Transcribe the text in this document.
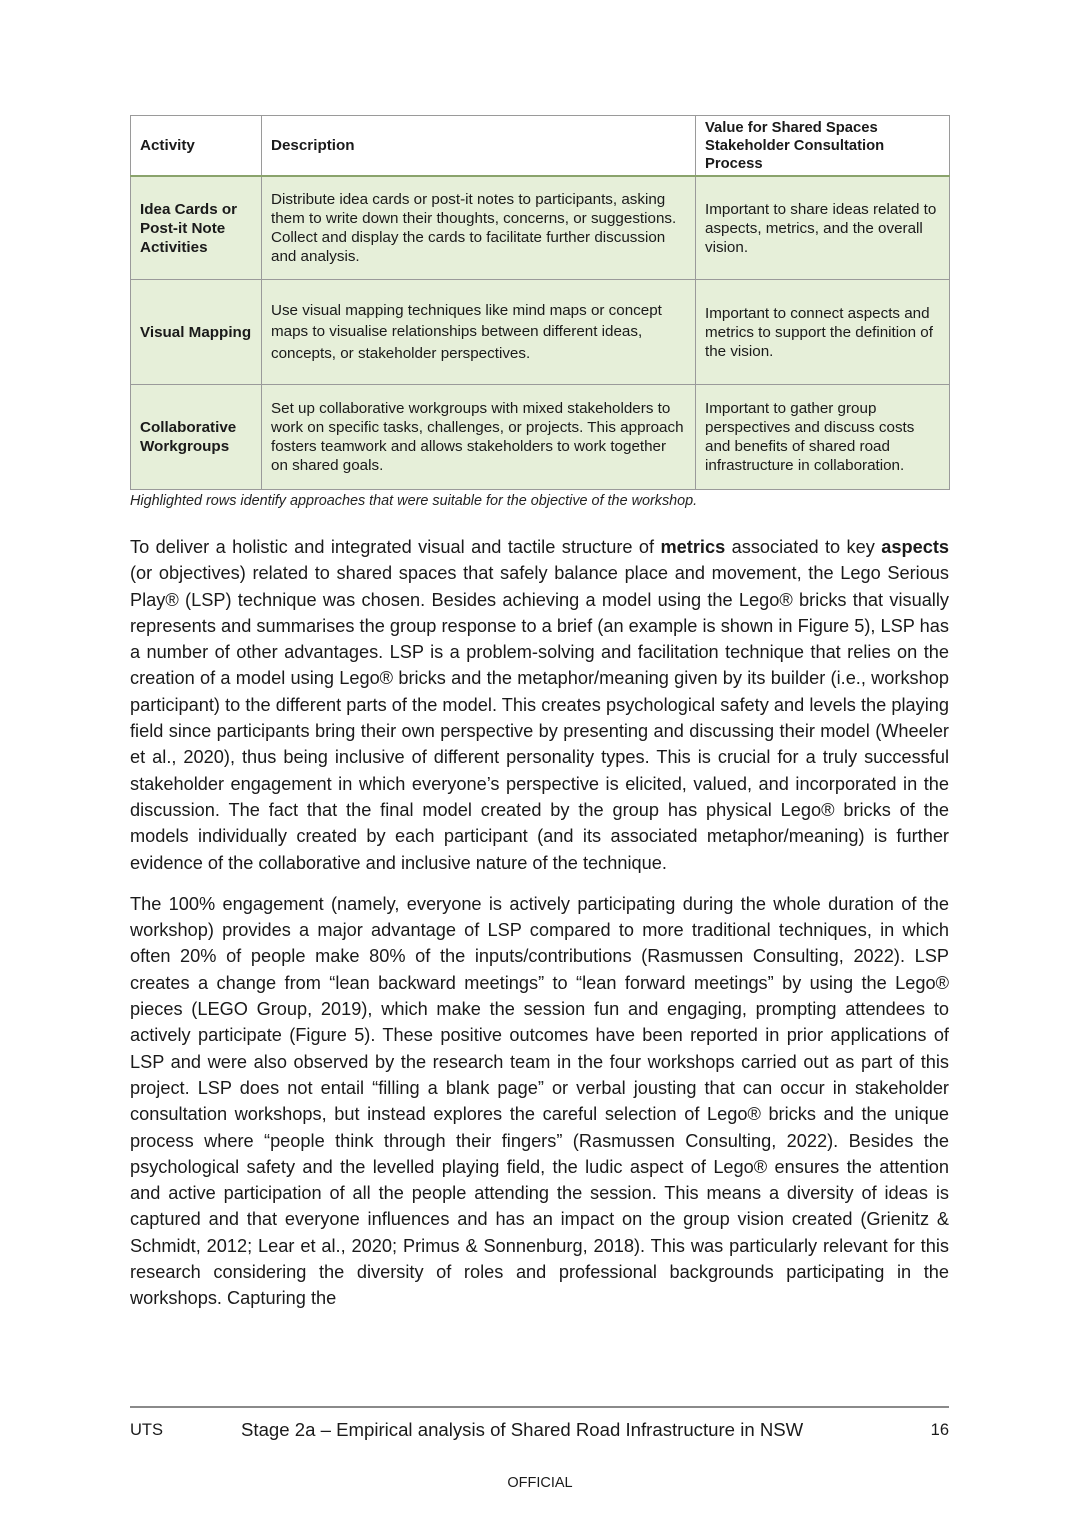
Activity	Description	Value for Shared Spaces Stakeholder Consultation Process
Idea Cards or Post-it Note Activities	Distribute idea cards or post-it notes to participants, asking them to write down their thoughts, concerns, or suggestions. Collect and display the cards to facilitate further discussion and analysis.	Important to share ideas related to aspects, metrics, and the overall vision.
Visual Mapping	Use visual mapping techniques like mind maps or concept maps to visualise relationships between different ideas, concepts, or stakeholder perspectives.	Important to connect aspects and metrics to support the definition of the vision.
Collaborative Workgroups	Set up collaborative workgroups with mixed stakeholders to work on specific tasks, challenges, or projects. This approach fosters teamwork and allows stakeholders to work together on shared goals.	Important to gather group perspectives and discuss costs and benefits of shared road infrastructure in collaboration.
Highlighted rows identify approaches that were suitable for the objective of the workshop.

To deliver a holistic and integrated visual and tactile structure of metrics associated to key aspects (or objectives) related to shared spaces that safely balance place and movement, the Lego Serious Play® (LSP) technique was chosen. Besides achieving a model using the Lego® bricks that visually represents and summarises the group response to a brief (an example is shown in Figure 5), LSP has a number of other advantages. LSP is a problem-solving and facilitation technique that relies on the creation of a model using Lego® bricks and the metaphor/meaning given by its builder (i.e., workshop participant) to the different parts of the model. This creates psychological safety and levels the playing field since participants bring their own perspective by presenting and discussing their model (Wheeler et al., 2020), thus being inclusive of different personality types. This is crucial for a truly successful stakeholder engagement in which everyone’s perspective is elicited, valued, and incorporated in the discussion. The fact that the final model created by the group has physical Lego® bricks of the models individually created by each participant (and its associated metaphor/meaning) is further evidence of the collaborative and inclusive nature of the technique.

The 100% engagement (namely, everyone is actively participating during the whole duration of the workshop) provides a major advantage of LSP compared to more traditional techniques, in which often 20% of people make 80% of the inputs/contributions (Rasmussen Consulting, 2022). LSP creates a change from “lean backward meetings” to “lean forward meetings” by using the Lego® pieces (LEGO Group, 2019), which make the session fun and engaging, prompting attendees to actively participate (Figure 5). These positive outcomes have been reported in prior applications of LSP and were also observed by the research team in the four workshops carried out as part of this project. LSP does not entail “filling a blank page” or verbal jousting that can occur in stakeholder consultation workshops, but instead explores the careful selection of Lego® bricks and the unique process where “people think through their fingers” (Rasmussen Consulting, 2022). Besides the psychological safety and the levelled playing field, the ludic aspect of Lego® ensures the attention and active participation of all the people attending the session. This means a diversity of ideas is captured and that everyone influences and has an impact on the group vision created (Grienitz & Schmidt, 2012; Lear et al., 2020; Primus & Sonnenburg, 2018). This was particularly relevant for this research considering the diversity of roles and professional backgrounds participating in the workshops. Capturing the

UTS	Stage 2a – Empirical analysis of Shared Road Infrastructure in NSW	16
OFFICIAL
